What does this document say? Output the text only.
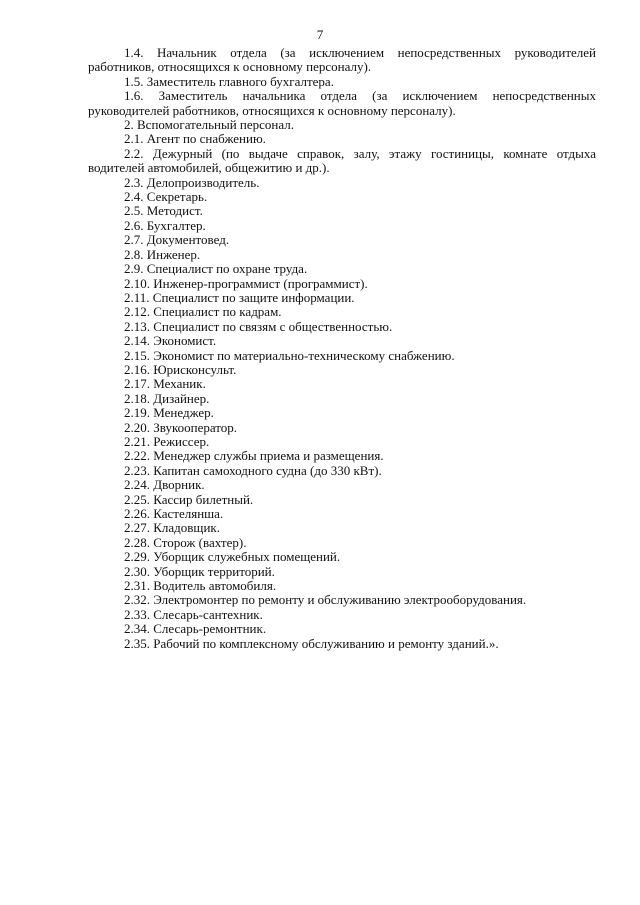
7

1.4. Начальник отдела (за исключением непосредственных руководителей работников, относящихся к основному персоналу).

1.5. Заместитель главного бухгалтера.

1.6. Заместитель начальника отдела (за исключением непосредственных руководителей работников, относящихся к основному персоналу).

2. Вспомогательный персонал.

2.1. Агент по снабжению.

2.2. Дежурный (по выдаче справок, залу, этажу гостиницы, комнате отдыха водителей автомобилей, общежитию и др.).

2.3. Делопроизводитель.

2.4. Секретарь.

2.5. Методист.

2.6. Бухгалтер.

2.7. Документовед.

2.8. Инженер.

2.9. Специалист по охране труда.

2.10. Инженер-программист (программист).

2.11. Специалист по защите информации.

2.12. Специалист по кадрам.

2.13. Специалист по связям с общественностью.

2.14. Экономист.

2.15. Экономист по материально-техническому снабжению.

2.16. Юрисконсульт.

2.17. Механик.

2.18. Дизайнер.

2.19. Менеджер.

2.20. Звукооператор.

2.21. Режиссер.

2.22. Менеджер службы приема и размещения.

2.23. Капитан самоходного судна (до 330 кВт).

2.24. Дворник.

2.25. Кассир билетный.

2.26. Кастелянша.

2.27. Кладовщик.

2.28. Сторож (вахтер).

2.29. Уборщик служебных помещений.

2.30. Уборщик территорий.

2.31. Водитель автомобиля.

2.32. Электромонтер по ремонту и обслуживанию электрооборудования.

2.33. Слесарь-сантехник.

2.34. Слесарь-ремонтник.

2.35. Рабочий по комплексному обслуживанию и ремонту зданий.».
